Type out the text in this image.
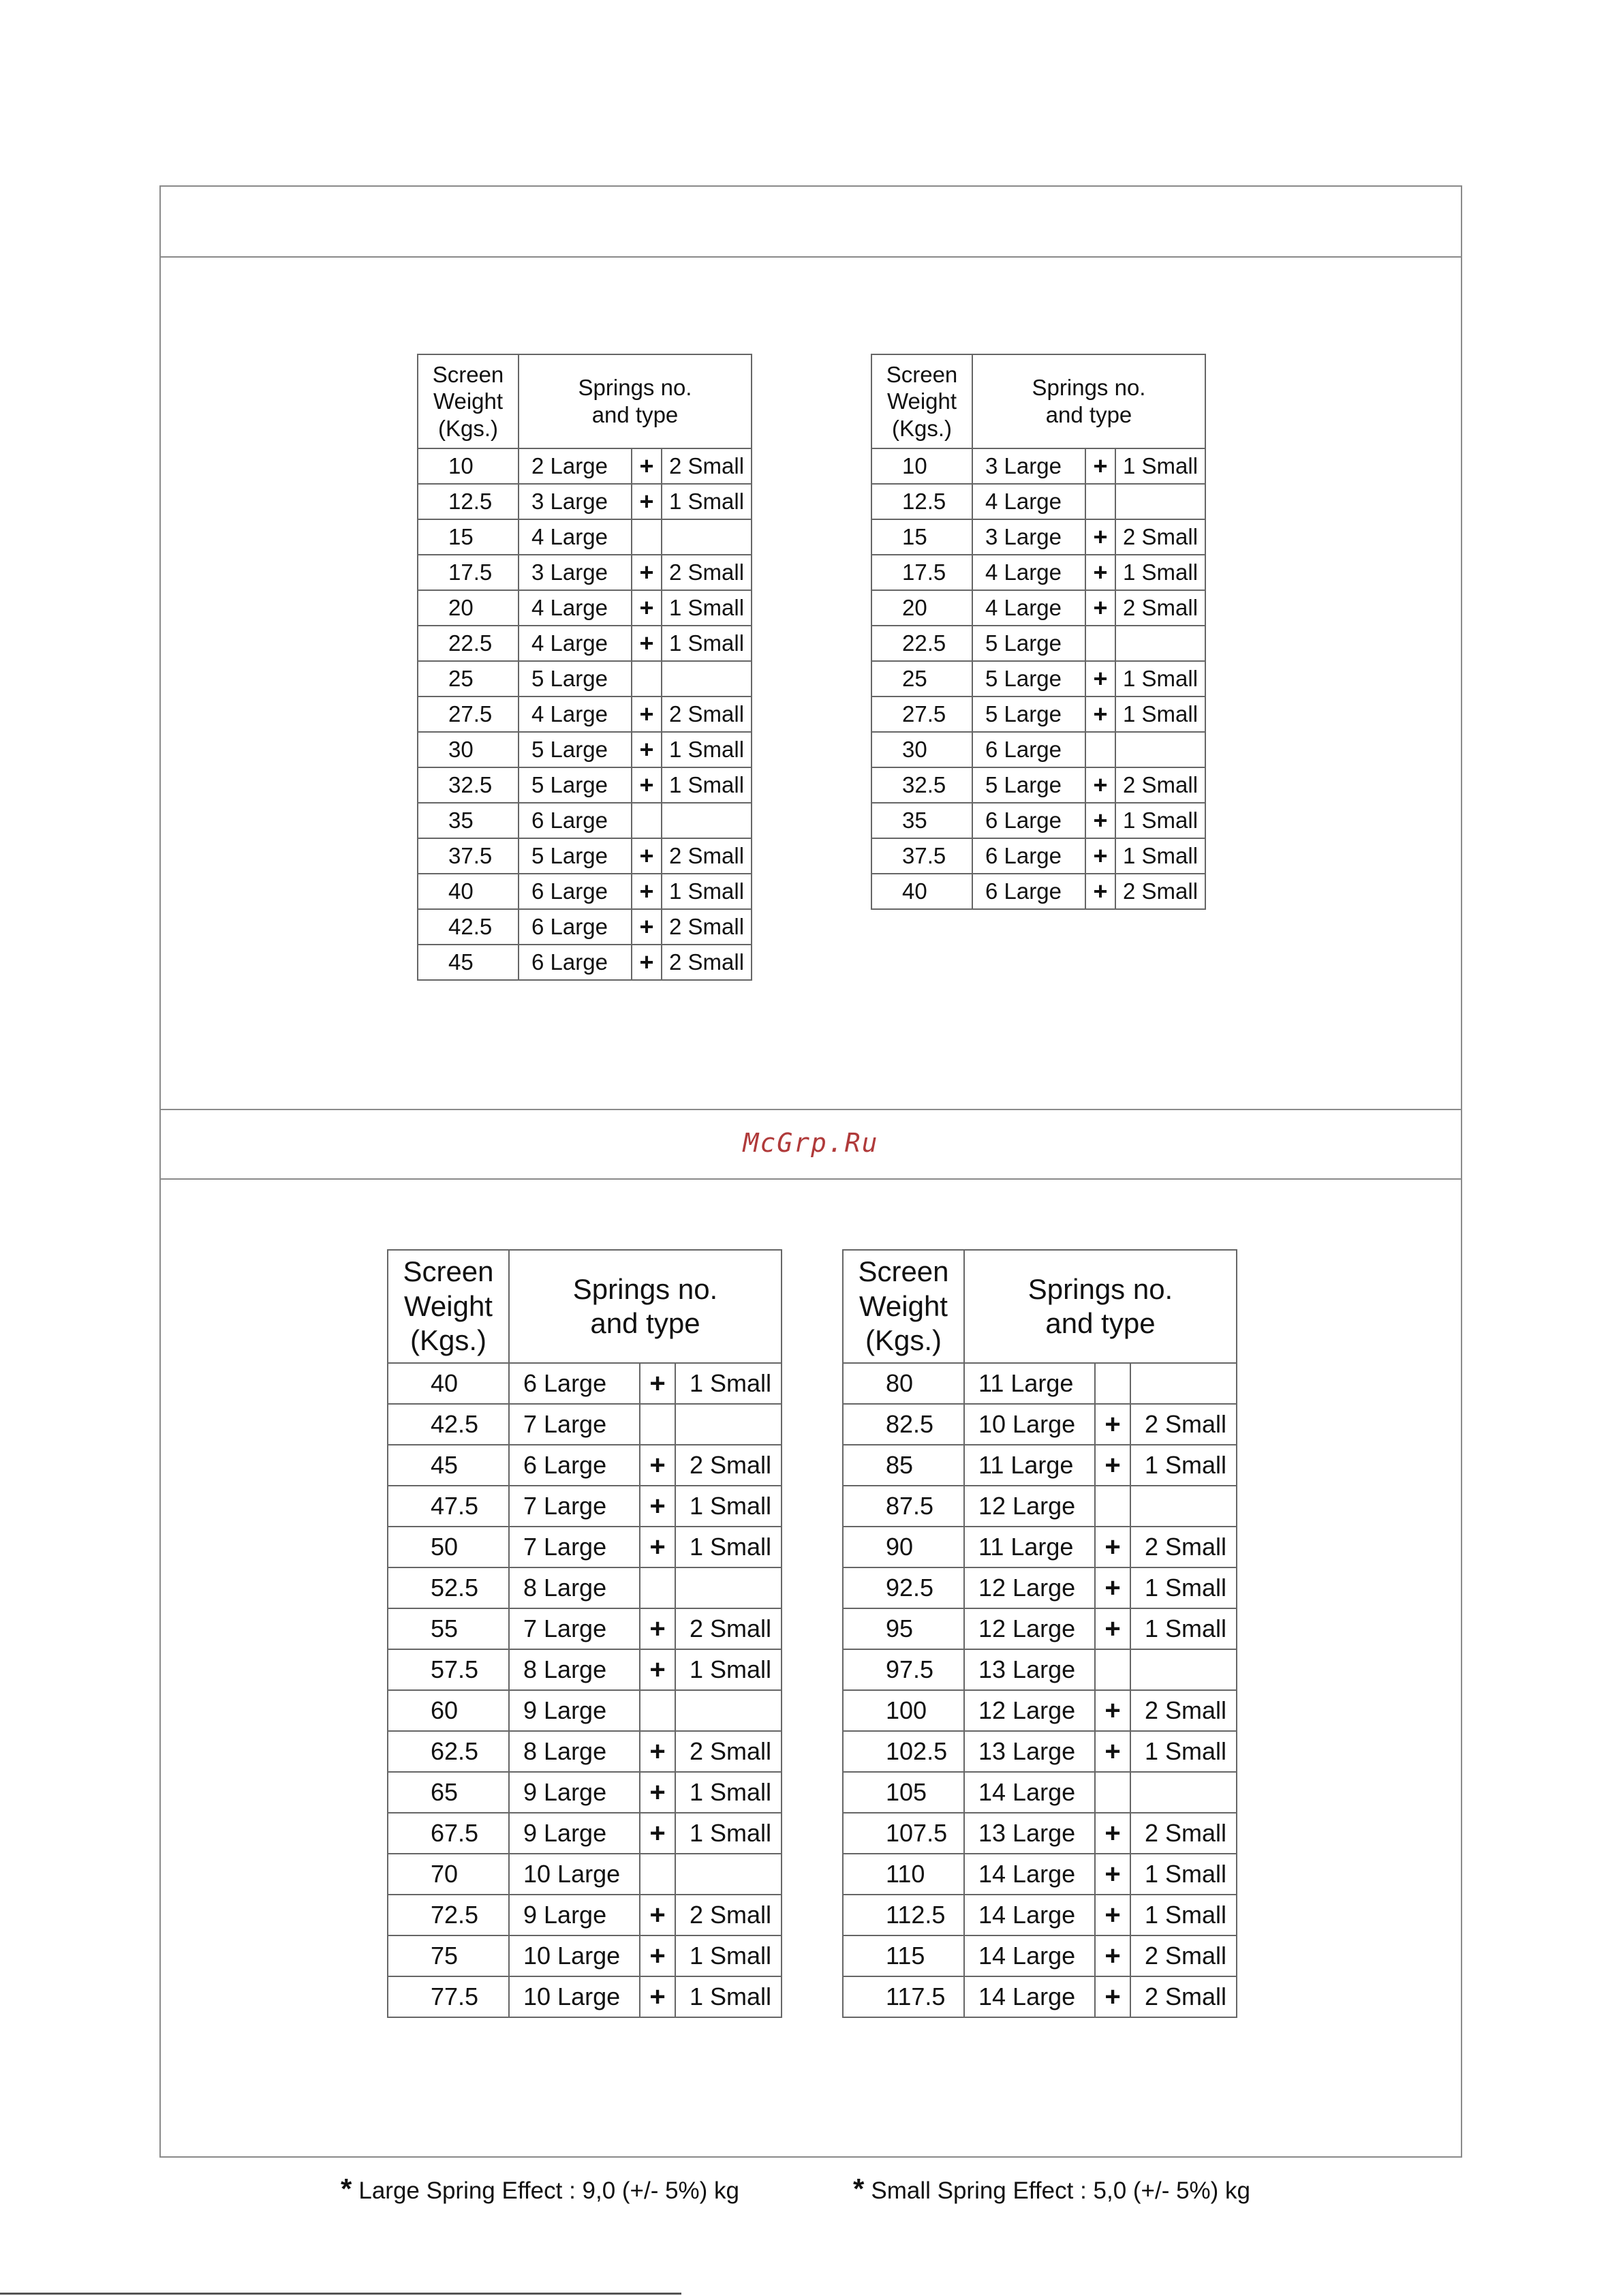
McGrp.Ru
Screen
Weight
(Kgs.)	Springs no.
and type		
10	2 Large	+	2 Small
12.5	3 Large	+	1 Small
15	4 Large		
17.5	3 Large	+	2 Small
20	4 Large	+	1 Small
22.5	4 Large	+	1 Small
25	5 Large		
27.5	4 Large	+	2 Small
30	5 Large	+	1 Small
32.5	5 Large	+	1 Small
35	6 Large		
37.5	5 Large	+	2 Small
40	6 Large	+	1 Small
42.5	6 Large	+	2 Small
45	6 Large	+	2 Small
Screen
Weight
(Kgs.)	Springs no.
and type		
10	3 Large	+	1 Small
12.5	4 Large		
15	3 Large	+	2 Small
17.5	4 Large	+	1 Small
20	4 Large	+	2 Small
22.5	5 Large		
25	5 Large	+	1 Small
27.5	5 Large	+	1 Small
30	6 Large		
32.5	5 Large	+	2 Small
35	6 Large	+	1 Small
37.5	6 Large	+	1 Small
40	6 Large	+	2 Small
Screen
Weight
(Kgs.)	Springs no.
and type		
40	6 Large	+	1 Small
42.5	7 Large		
45	6 Large	+	2 Small
47.5	7 Large	+	1 Small
50	7 Large	+	1 Small
52.5	8 Large		
55	7 Large	+	2 Small
57.5	8 Large	+	1 Small
60	9 Large		
62.5	8 Large	+	2 Small
65	9 Large	+	1 Small
67.5	9 Large	+	1 Small
70	10 Large		
72.5	9 Large	+	2 Small
75	10 Large	+	1 Small
77.5	10 Large	+	1 Small
Screen
Weight
(Kgs.)	Springs no.
and type		
80	11 Large		
82.5	10 Large	+	2 Small
85	11 Large	+	1 Small
87.5	12 Large		
90	11 Large	+	2 Small
92.5	12 Large	+	1 Small
95	12 Large	+	1 Small
97.5	13 Large		
100	12 Large	+	2 Small
102.5	13 Large	+	1 Small
105	14 Large		
107.5	13 Large	+	2 Small
110	14 Large	+	1 Small
112.5	14 Large	+	1 Small
115	14 Large	+	2 Small
117.5	14 Large	+	2 Small
* Large Spring Effect : 9,0 (+/- 5%) kg	* Small Spring Effect : 5,0 (+/- 5%) kg
